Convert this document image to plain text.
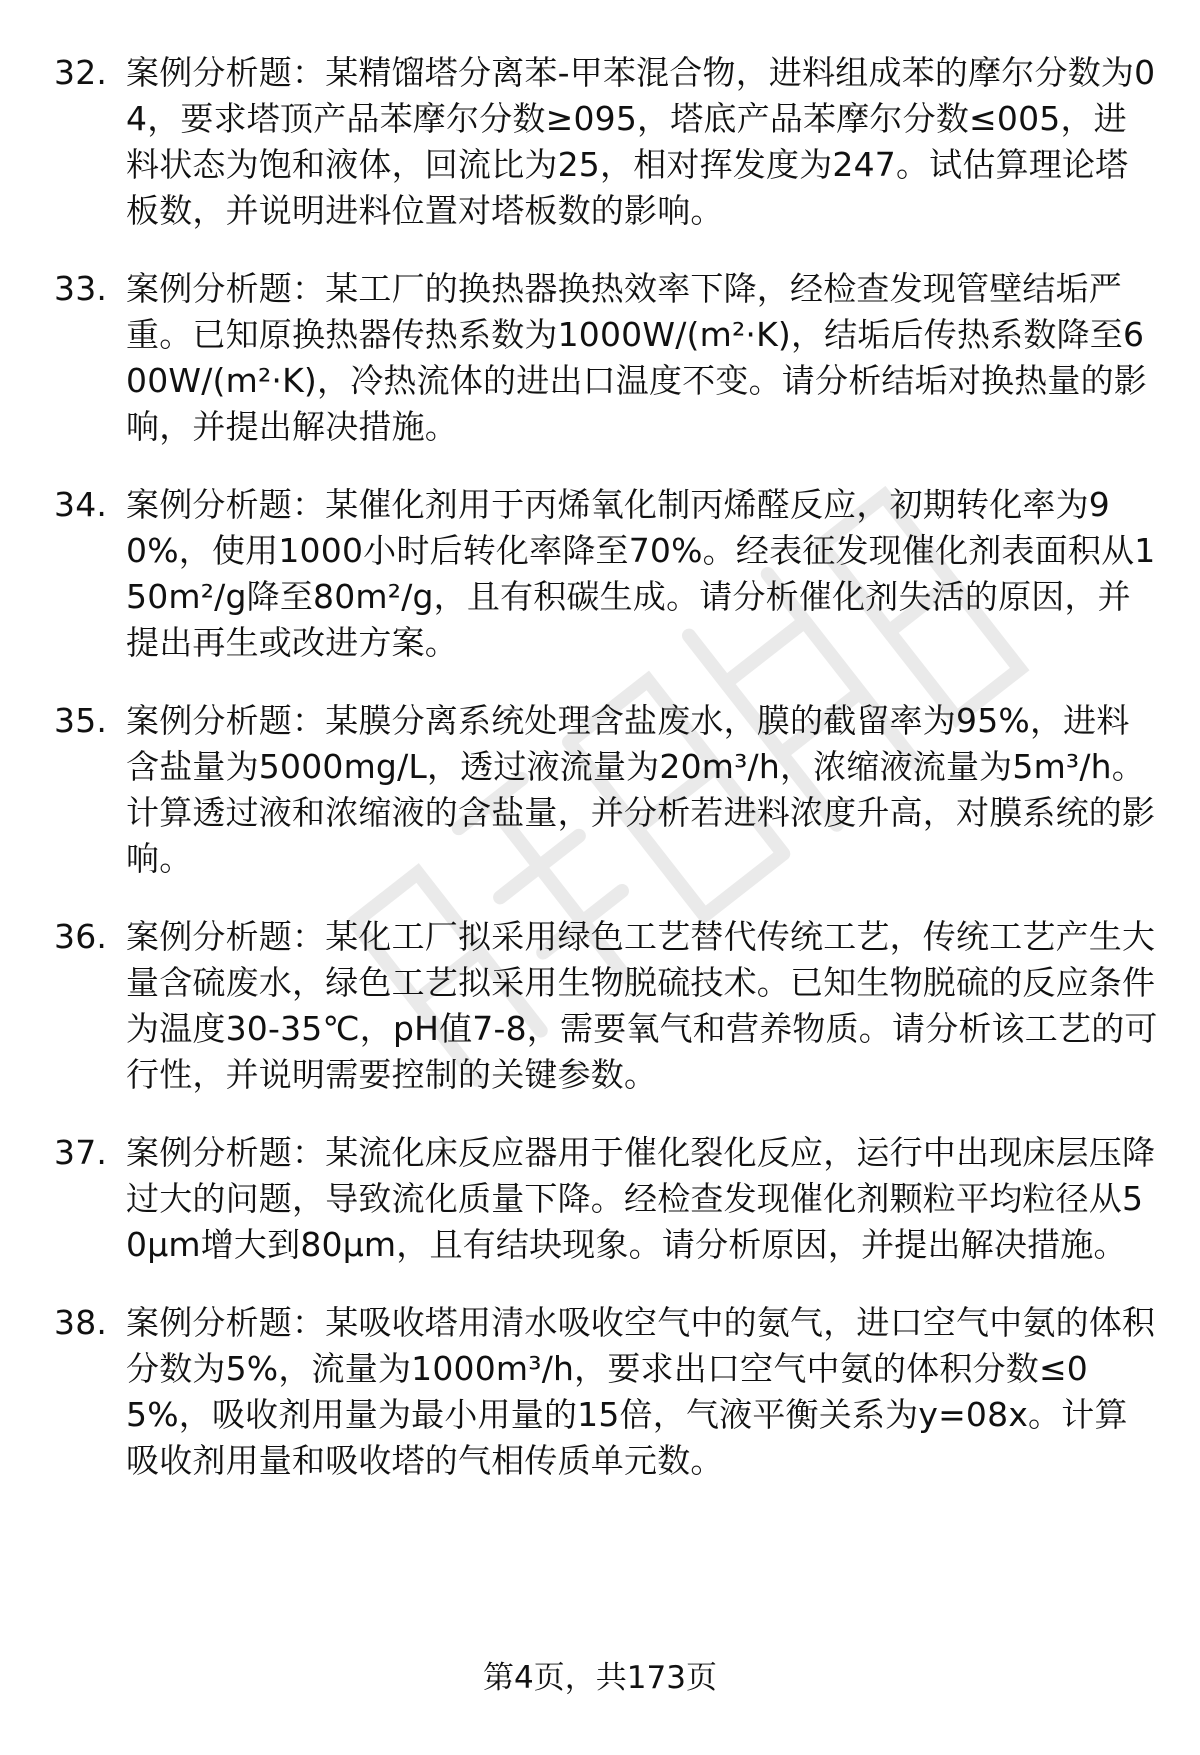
32. 案例分析题：某精馏塔分离苯-甲苯混合物，进料组成苯的摩尔分数为04，要求塔顶产品苯摩尔分数≥095，塔底产品苯摩尔分数≤005，进料状态为饱和液体，回流比为25，相对挥发度为247。试估算理论塔板数，并说明进料位置对塔板数的影响。
33. 案例分析题：某工厂的换热器换热效率下降，经检查发现管壁结垢严重。已知原换热器传热系数为1000W/(m²·K)，结垢后传热系数降至600W/(m²·K)，冷热流体的进出口温度不变。请分析结垢对换热量的影响，并提出解决措施。
34. 案例分析题：某催化剂用于丙烯氧化制丙烯醛反应，初期转化率为90%，使用1000小时后转化率降至70%。经表征发现催化剂表面积从150m²/g降至80m²/g，且有积碳生成。请分析催化剂失活的原因，并提出再生或改进方案。
35. 案例分析题：某膜分离系统处理含盐废水，膜的截留率为95%，进料含盐量为5000mg/L，透过液流量为20m³/h，浓缩液流量为5m³/h。计算透过液和浓缩液的含盐量，并分析若进料浓度升高，对膜系统的影响。
36. 案例分析题：某化工厂拟采用绿色工艺替代传统工艺，传统工艺产生大量含硫废水，绿色工艺拟采用生物脱硫技术。已知生物脱硫的反应条件为温度30-35℃，pH值7-8，需要氧气和营养物质。请分析该工艺的可行性，并说明需要控制的关键参数。
37. 案例分析题：某流化床反应器用于催化裂化反应，运行中出现床层压降过大的问题，导致流化质量下降。经检查发现催化剂颗粒平均粒径从50μm增大到80μm，且有结块现象。请分析原因，并提出解决措施。
38. 案例分析题：某吸收塔用清水吸收空气中的氨气，进口空气中氨的体积分数为5%，流量为1000m³/h，要求出口空气中氨的体积分数≤05%，吸收剂用量为最小用量的15倍，气液平衡关系为y=08x。计算吸收剂用量和吸收塔的气相传质单元数。
第4页，共173页
